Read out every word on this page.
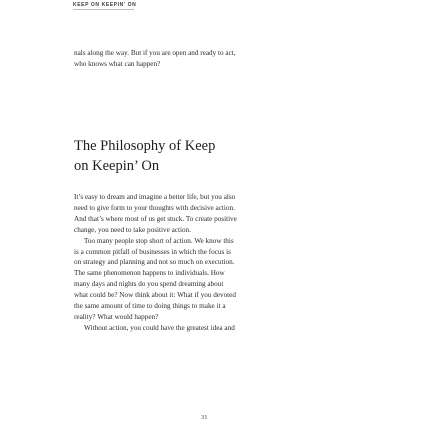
KEEP ON KEEPIN' ON

nals along the way. But if you are open and ready to act,

who knows what can happen?

The Philosophy of Keep
on Keepin’ On

It’s easy to dream and imagine a better life, but you also

need to give form to your thoughts with decisive action.

And that’s where most of us get stuck. To create positive

change, you need to take positive action.

Too many people stop short of action. We know this

is a common pitfall of businesses in which the focus is

on strategy and planning and not so much on execution.

The same phenomenon happens to individuals. How

many days and nights do you spend dreaming about

what could be? Now think about it: What if you devoted

the same amount of time to doing things to make it a

reality? What would happen?

Without action, you could have the greatest idea and

31
